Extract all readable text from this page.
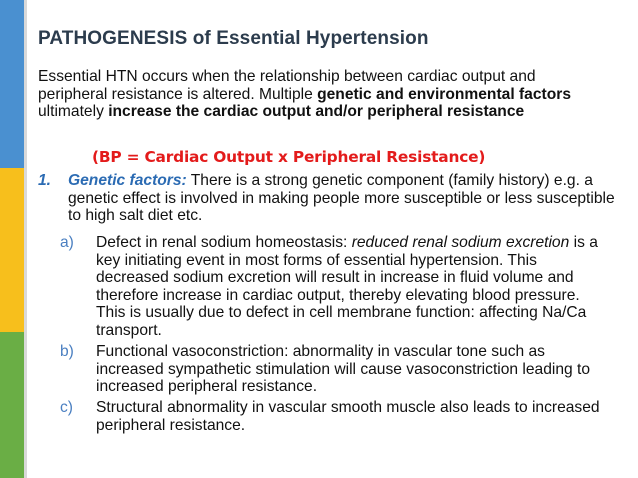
PATHOGENESIS of Essential Hypertension
Essential HTN occurs when the relationship between cardiac output and peripheral resistance is altered. Multiple genetic and environmental factors ultimately increase the cardiac output and/or peripheral resistance
(BP = Cardiac Output x Peripheral Resistance)
1. Genetic factors: There is a strong genetic component (family history) e.g. a genetic effect is involved in making people more susceptible or less susceptible to high salt diet etc.
a) Defect in renal sodium homeostasis: reduced renal sodium excretion is a key initiating event in most forms of essential hypertension. This decreased sodium excretion will result in increase in fluid volume and therefore increase in cardiac output, thereby elevating blood pressure. This is usually due to defect in cell membrane function: affecting Na/Ca transport.
b) Functional vasoconstriction: abnormality in vascular tone such as increased sympathetic stimulation will cause vasoconstriction leading to increased peripheral resistance.
c) Structural abnormality in vascular smooth muscle also leads to increased peripheral resistance.
